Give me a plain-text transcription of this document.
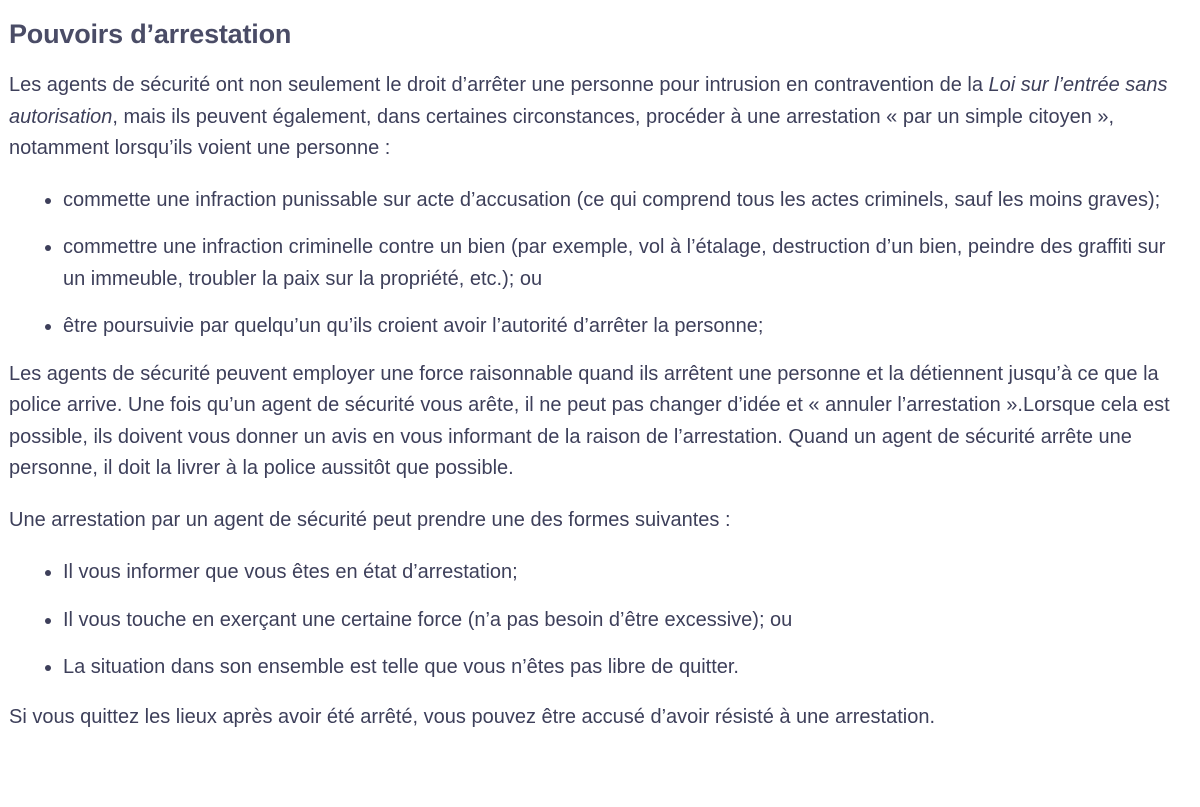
Pouvoirs d’arrestation

Les agents de sécurité ont non seulement le droit d’arrêter une personne pour intrusion en contravention de la Loi sur l’entrée sans autorisation, mais ils peuvent également, dans certaines circonstances, procéder à une arrestation « par un simple citoyen », notamment lorsqu’ils voient une personne :

commette une infraction punissable sur acte d’accusation (ce qui comprend tous les actes criminels, sauf les moins graves);
commettre une infraction criminelle contre un bien (par exemple, vol à l’étalage, destruction d’un bien, peindre des graffiti sur un immeuble, troubler la paix sur la propriété, etc.); ou
être poursuivie par quelqu’un qu’ils croient avoir l’autorité d’arrêter la personne;

Les agents de sécurité peuvent employer une force raisonnable quand ils arrêtent une personne et la détiennent jusqu’à ce que la police arrive. Une fois qu’un agent de sécurité vous arête, il ne peut pas changer d’idée et « annuler l’arrestation ».Lorsque cela est possible, ils doivent vous donner un avis en vous informant de la raison de l’arrestation. Quand un agent de sécurité arrête une personne, il doit la livrer à la police aussitôt que possible.

Une arrestation par un agent de sécurité peut prendre une des formes suivantes :

Il vous informer que vous êtes en état d’arrestation;
Il vous touche en exerçant une certaine force (n’a pas besoin d’être excessive); ou
La situation dans son ensemble est telle que vous n’êtes pas libre de quitter.

Si vous quittez les lieux après avoir été arrêté, vous pouvez être accusé d’avoir résisté à une arrestation.
